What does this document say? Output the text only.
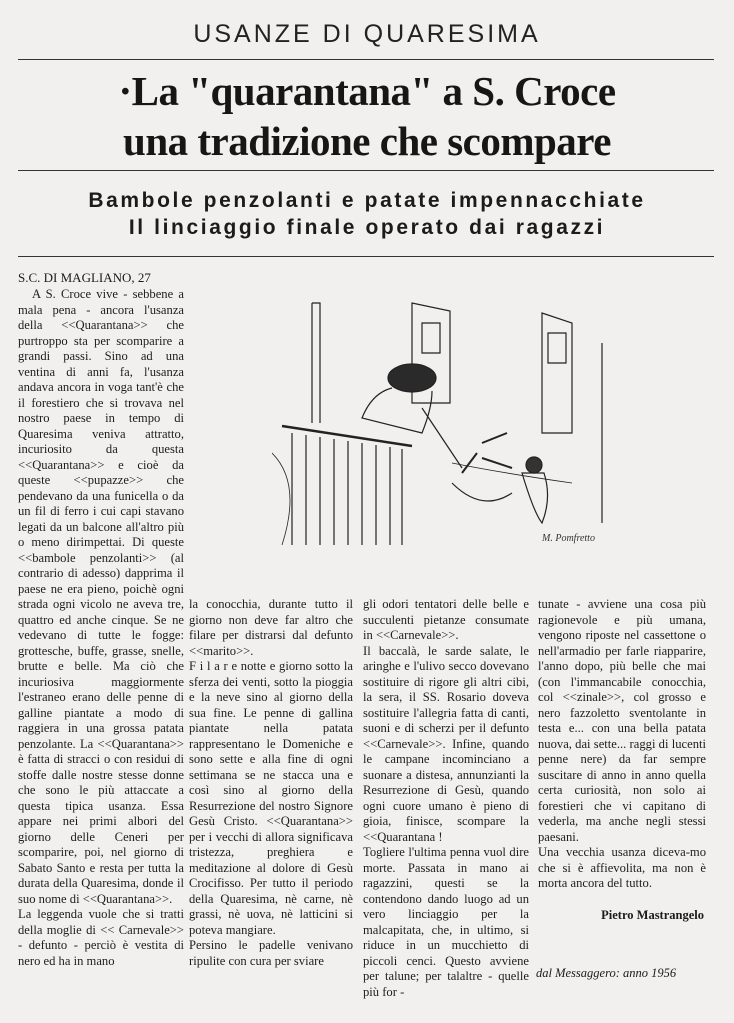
USANZE DI QUARESIMA
·La "quarantana" a S. Croce
una tradizione che scompare
Bambole penzolanti e patate impennacchiate
Il linciaggio finale operato dai ragazzi
S.C. DI MAGLIANO, 27
A S. Croce vive - sebbene a mala pena - ancora l'usanza della <<Quarantana>> che purtroppo sta per scomparire a grandi passi. Sino ad una ventina di anni fa, l'usanza andava ancora in voga tant'è che il forestiero che si trovava nel nostro paese in tempo di Quaresima veniva attratto, incuriosito da questa <<Quarantana>> e cioè da queste <<pupazze>> che pendevano da una funicella o da un fil di ferro i cui capi stavano legati da un balcone all'altro più o meno dirimpettai. Di queste <<bambole penzolanti>> (al contrario di adesso) dapprima il paese ne era pieno, poichè ogni strada ogni vicolo ne aveva tre, quattro ed anche cinque. Se ne vedevano di tutte le fogge: grottesche, buffe, grasse, snelle, brutte e belle. Ma ciò che incuriosiva maggiormente l'estraneo erano delle penne di galline piantate a modo di raggiera in una grossa patata penzolante. La <<Quarantana>> è fatta di stracci o con residui di stoffe dalle nostre stesse donne che sono le più attaccate a questa tipica usanza. Essa appare nei primi albori del giorno delle Ceneri per scomparire, poi, nel giorno di Sabato Santo e resta per tutta la durata della Quaresima, donde il suo nome di <<Quarantana>>.
La leggenda vuole che si tratti della moglie di << Carnevale>> - defunto - perciò è vestita di nero ed ha in mano
M. Pomfretto
la conocchia, durante tutto il giorno non deve far altro che filare per distrarsi dal defunto <<marito>>.
F i l a r e notte e giorno sotto la sferza dei venti, sotto la pioggia e la neve sino al giorno della sua fine. Le penne di gallina piantate nella patata rappresentano le Domeniche e sono sette e alla fine di ogni settimana se ne stacca una e così sino al giorno della Resurrezione del nostro Signore Gesù Cristo. <<Quarantana>> per i vecchi di allora significava tristezza, preghiera e meditazione al dolore di Gesù Crocifisso. Per tutto il periodo della Quaresima, nè carne, nè grassi, nè uova, nè latticini si poteva mangiare.
Persino le padelle venivano ripulite con cura per sviare
gli odori tentatori delle belle e succulenti pietanze consumate in <<Carnevale>>.
Il baccalà, le sarde salate, le aringhe e l'ulivo secco dovevano sostituire di rigore gli altri cibi, la sera, il SS. Rosario doveva sostituire l'allegria fatta di canti, suoni e di scherzi per il defunto <<Carnevale>>. Infine, quando le campane incominciano a suonare a distesa, annunzianti la Resurrezione di Gesù, quando ogni cuore umano è pieno di gioia, finisce, scompare la <<Quarantana !
Togliere l'ultima penna vuol dire morte. Passata in mano ai ragazzini, questi se la contendono dando luogo ad un vero linciaggio per la malcapitata, che, in ultimo, si riduce in un mucchietto di piccoli cenci. Questo avviene per talune; per talaltre - quelle più for -
tunate - avviene una cosa più ragionevole e più umana, vengono riposte nel cassettone o nell'armadio per farle riapparire, l'anno dopo, più belle che mai (con l'immancabile conocchia, col <<zinale>>, col grosso e nero fazzoletto sventolante in testa e... con una bella patata nuova, dai sette... raggi di lucenti penne nere) da far sempre suscitare di anno in anno quella certa curiosità, non solo ai forestieri che vi capitano di vederla, ma anche negli stessi paesani.
Una vecchia usanza diceva-mo che si è affievolita, ma non è morta ancora del tutto.
Pietro Mastrangelo
dal Messaggero: anno 1956
